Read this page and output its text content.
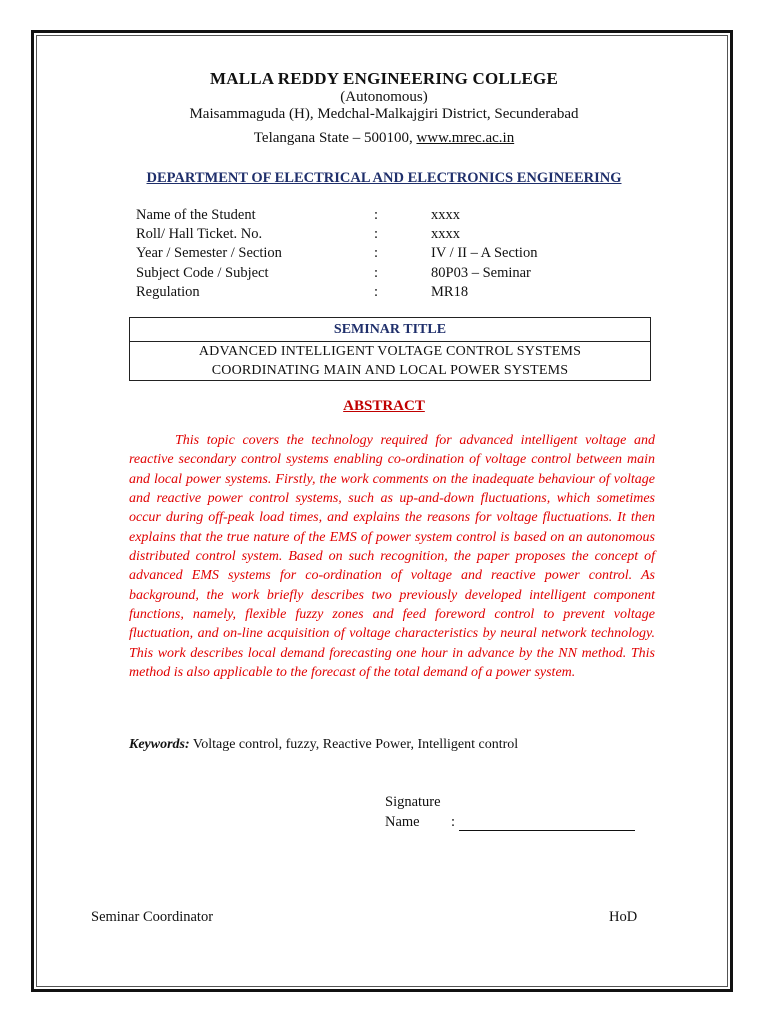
MALLA REDDY ENGINEERING COLLEGE
(Autonomous)
Maisammaguda (H), Medchal-Malkajgiri District, Secunderabad
Telangana State – 500100, www.mrec.ac.in
DEPARTMENT OF ELECTRICAL AND ELECTRONICS ENGINEERING
Name of the Student	:	xxxx
Roll/ Hall Ticket. No.	:	xxxx
Year / Semester / Section	:	IV / II – A Section
Subject Code / Subject	:	80P03 – Seminar
Regulation	:	MR18
SEMINAR TITLE
ADVANCED INTELLIGENT VOLTAGE CONTROL SYSTEMS
COORDINATING MAIN AND LOCAL POWER SYSTEMS
ABSTRACT
This topic covers the technology required for advanced intelligent voltage and reactive secondary control systems enabling co-ordination of voltage control between main and local power systems. Firstly, the work comments on the inadequate behaviour of voltage and reactive power control systems, such as up-and-down fluctuations, which sometimes occur during off-peak load times, and explains the reasons for voltage fluctuations. It then explains that the true nature of the EMS of power system control is based on an autonomous distributed control system. Based on such recognition, the paper proposes the concept of advanced EMS systems for co-ordination of voltage and reactive power control. As background, the work briefly describes two previously developed intelligent component functions, namely, flexible fuzzy zones and feed foreword control to prevent voltage fluctuation, and on-line acquisition of voltage characteristics by neural network technology. This work describes local demand forecasting one hour in advance by the NN method. This method is also applicable to the forecast of the total demand of a power system.
Keywords: Voltage control, fuzzy, Reactive Power, Intelligent control
Signature
Name :
Seminar Coordinator	HoD
